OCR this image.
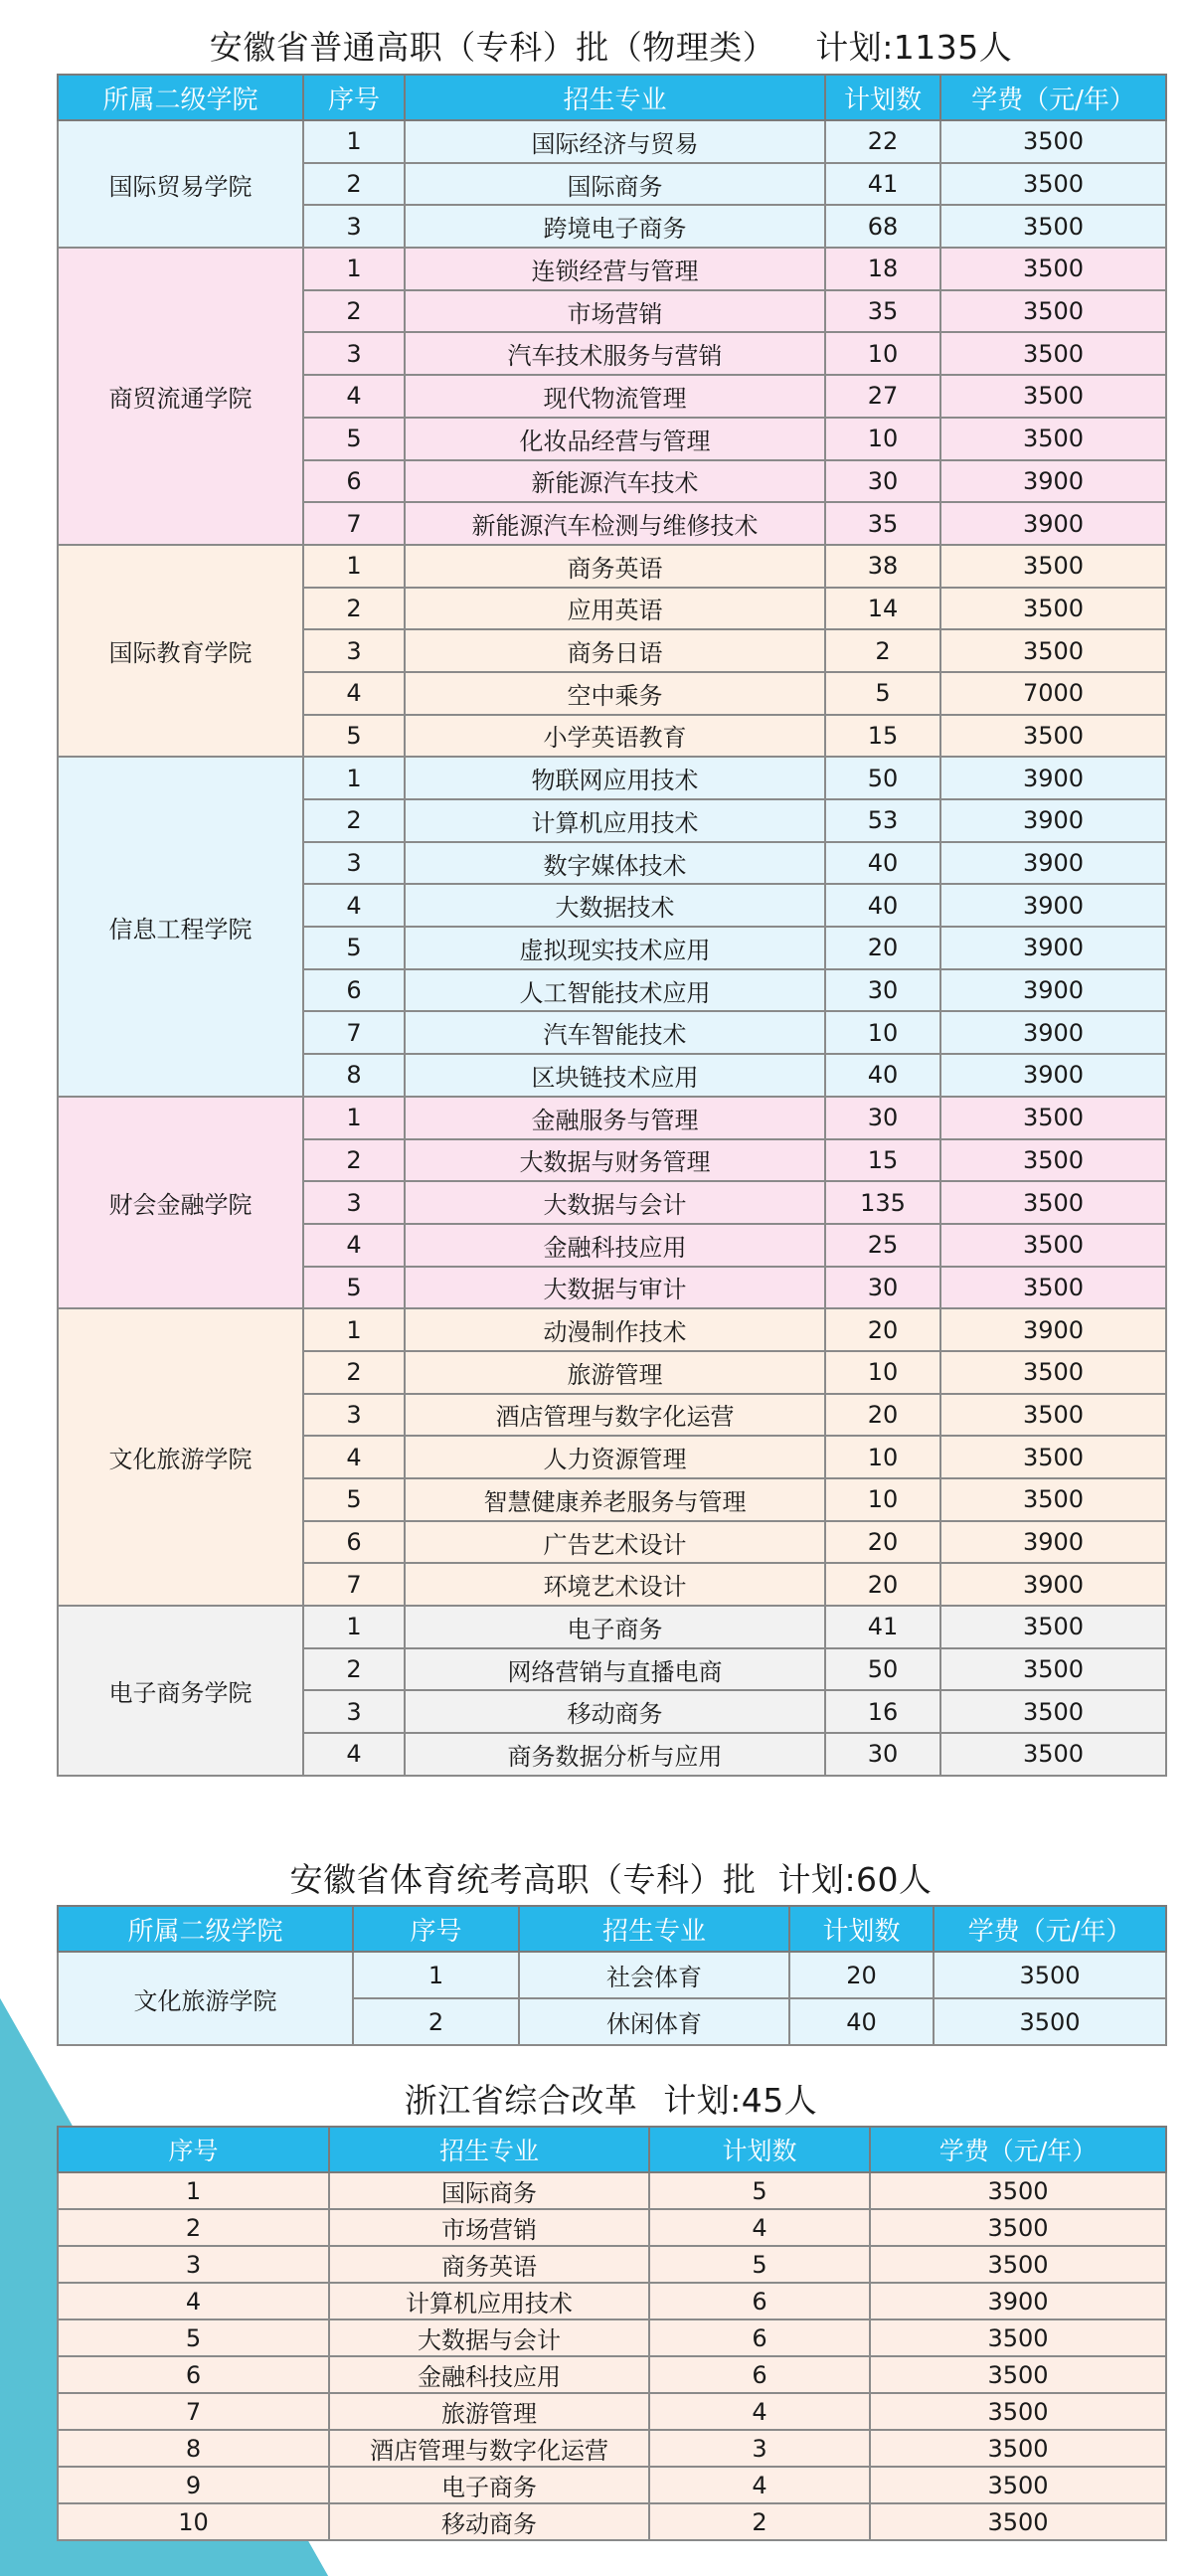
安徽省普通高职（专科）批（物理类） 计划:1135人
所属二级学院	序号	招生专业	计划数	学费（元/年）
国际贸易学院	1	国际经济与贸易	22	3500
	2	国际商务	41	3500
	3	跨境电子商务	68	3500
商贸流通学院	1	连锁经营与管理	18	3500
	2	市场营销	35	3500
	3	汽车技术服务与营销	10	3500
	4	现代物流管理	27	3500
	5	化妆品经营与管理	10	3500
	6	新能源汽车技术	30	3900
	7	新能源汽车检测与维修技术	35	3900
国际教育学院	1	商务英语	38	3500
	2	应用英语	14	3500
	3	商务日语	2	3500
	4	空中乘务	5	7000
	5	小学英语教育	15	3500
信息工程学院	1	物联网应用技术	50	3900
	2	计算机应用技术	53	3900
	3	数字媒体技术	40	3900
	4	大数据技术	40	3900
	5	虚拟现实技术应用	20	3900
	6	人工智能技术应用	30	3900
	7	汽车智能技术	10	3900
	8	区块链技术应用	40	3900
财会金融学院	1	金融服务与管理	30	3500
	2	大数据与财务管理	15	3500
	3	大数据与会计	135	3500
	4	金融科技应用	25	3500
	5	大数据与审计	30	3500
文化旅游学院	1	动漫制作技术	20	3900
	2	旅游管理	10	3500
	3	酒店管理与数字化运营	20	3500
	4	人力资源管理	10	3500
	5	智慧健康养老服务与管理	10	3500
	6	广告艺术设计	20	3900
	7	环境艺术设计	20	3900
电子商务学院	1	电子商务	41	3500
	2	网络营销与直播电商	50	3500
	3	移动商务	16	3500
	4	商务数据分析与应用	30	3500
安徽省体育统考高职（专科）批 计划:60人
所属二级学院	序号	招生专业	计划数	学费（元/年）
文化旅游学院	1	社会体育	20	3500
	2	休闲体育	40	3500
浙江省综合改革 计划:45人
序号	招生专业	计划数	学费（元/年）
1	国际商务	5	3500
2	市场营销	4	3500
3	商务英语	5	3500
4	计算机应用技术	6	3900
5	大数据与会计	6	3500
6	金融科技应用	6	3500
7	旅游管理	4	3500
8	酒店管理与数字化运营	3	3500
9	电子商务	4	3500
10	移动商务	2	3500
